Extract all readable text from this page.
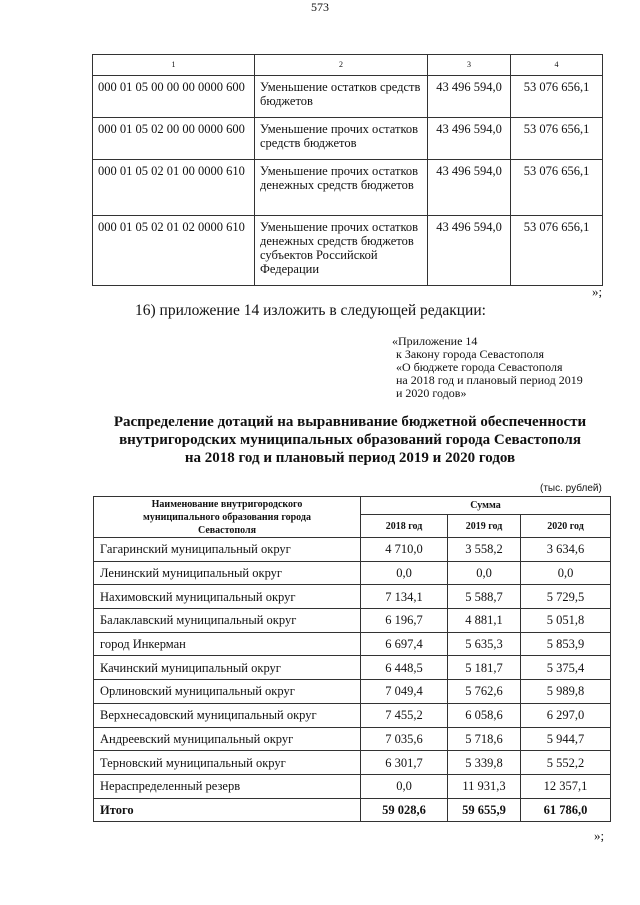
573
1	2	3	4
000 01 05 00 00 00 0000 600	Уменьшение остатков средств бюджетов	43 496 594,0	53 076 656,1
000 01 05 02 00 00 0000 600	Уменьшение прочих остатков средств бюджетов	43 496 594,0	53 076 656,1
000 01 05 02 01 00 0000 610	Уменьшение прочих остатков денежных средств бюджетов	43 496 594,0	53 076 656,1
000 01 05 02 01 02 0000 610	Уменьшение прочих остатков денежных средств бюджетов субъектов Российской Федерации	43 496 594,0	53 076 656,1
»;
16) приложение 14 изложить в следующей редакции:
«Приложение 14
к Закону города Севастополя
«О бюджете города Севастополя
на 2018 год и плановый период 2019
и 2020 годов»
Распределение дотаций на выравнивание бюджетной обеспеченности
внутригородских муниципальных образований города Севастополя
на 2018 год и плановый период 2019 и 2020 годов
(тыс. рублей)
Наименование внутригородского муниципального образования города Севастополя	Сумма		
	2018 год	2019 год	2020 год
Гагаринский муниципальный округ	4 710,0	3 558,2	3 634,6
Ленинский муниципальный округ	0,0	0,0	0,0
Нахимовский муниципальный округ	7 134,1	5 588,7	5 729,5
Балаклавский муниципальный округ	6 196,7	4 881,1	5 051,8
город Инкерман	6 697,4	5 635,3	5 853,9
Качинский муниципальный округ	6 448,5	5 181,7	5 375,4
Орлиновский муниципальный округ	7 049,4	5 762,6	5 989,8
Верхнесадовский муниципальный округ	7 455,2	6 058,6	6 297,0
Андреевский муниципальный округ	7 035,6	5 718,6	5 944,7
Терновский муниципальный округ	6 301,7	5 339,8	5 552,2
Нераспределенный резерв	0,0	11 931,3	12 357,1
Итого	59 028,6	59 655,9	61 786,0
»;
